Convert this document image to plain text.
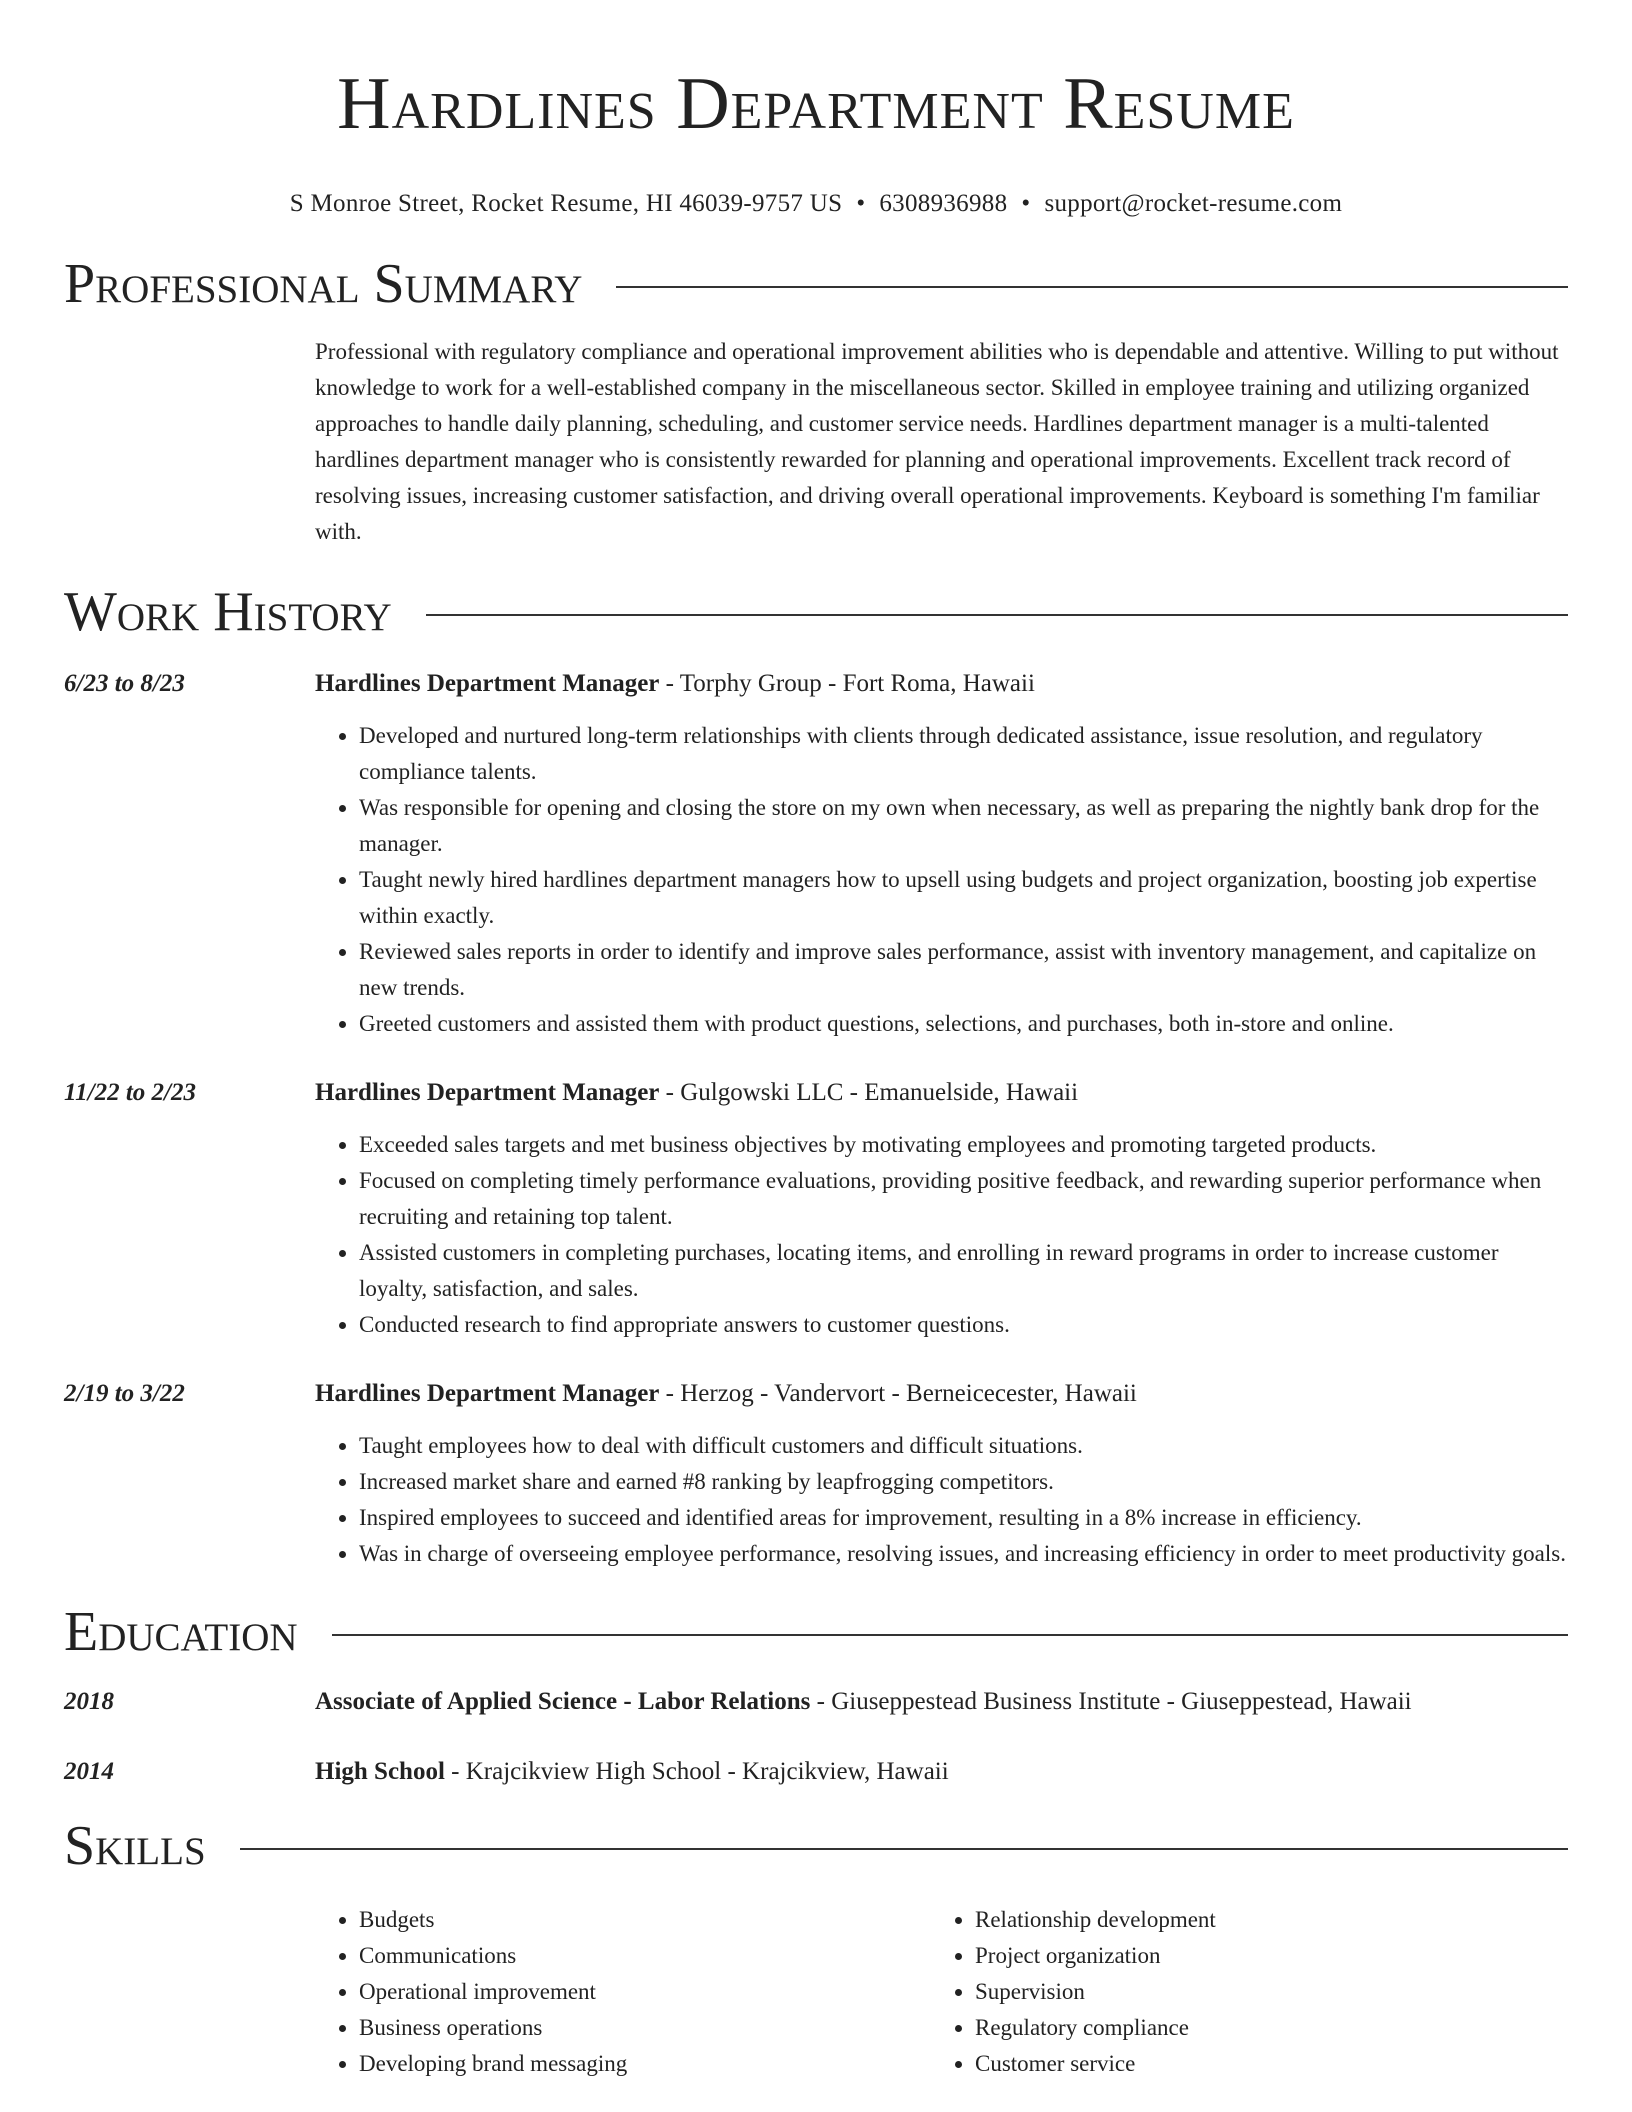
Hardlines Department Resume
S Monroe Street, Rocket Resume, HI 46039-9757 US • 6308936988 • support@rocket-resume.com
Professional Summary

Professional with regulatory compliance and operational improvement abilities who is dependable and attentive. Willing to put without knowledge to work for a well-established company in the miscellaneous sector. Skilled in employee training and utilizing organized approaches to handle daily planning, scheduling, and customer service needs. Hardlines department manager is a multi-talented hardlines department manager who is consistently rewarded for planning and operational improvements. Excellent track record of resolving issues, increasing customer satisfaction, and driving overall operational improvements. Keyboard is something I'm familiar with.

Work History
6/23 to 8/23	Hardlines Department Manager - Torphy Group - Fort Roma, Hawaii
• Developed and nurtured long-term relationships with clients through dedicated assistance, issue resolution, and regulatory compliance talents.
• Was responsible for opening and closing the store on my own when necessary, as well as preparing the nightly bank drop for the manager.
• Taught newly hired hardlines department managers how to upsell using budgets and project organization, boosting job expertise within exactly.
• Reviewed sales reports in order to identify and improve sales performance, assist with inventory management, and capitalize on new trends.
• Greeted customers and assisted them with product questions, selections, and purchases, both in-store and online.
11/22 to 2/23	Hardlines Department Manager - Gulgowski LLC - Emanuelside, Hawaii
• Exceeded sales targets and met business objectives by motivating employees and promoting targeted products.
• Focused on completing timely performance evaluations, providing positive feedback, and rewarding superior performance when recruiting and retaining top talent.
• Assisted customers in completing purchases, locating items, and enrolling in reward programs in order to increase customer loyalty, satisfaction, and sales.
• Conducted research to find appropriate answers to customer questions.
2/19 to 3/22	Hardlines Department Manager - Herzog - Vandervort - Berneicecester, Hawaii
• Taught employees how to deal with difficult customers and difficult situations.
• Increased market share and earned #8 ranking by leapfrogging competitors.
• Inspired employees to succeed and identified areas for improvement, resulting in a 8% increase in efficiency.
• Was in charge of overseeing employee performance, resolving issues, and increasing efficiency in order to meet productivity goals.
Education
2018	Associate of Applied Science - Labor Relations - Giuseppestead Business Institute - Giuseppestead, Hawaii
2014	High School - Krajcikview High School - Krajcikview, Hawaii
Skills
• Budgets
• Communications
• Operational improvement
• Business operations
• Developing brand messaging
• Relationship development
• Project organization
• Supervision
• Regulatory compliance
• Customer service
